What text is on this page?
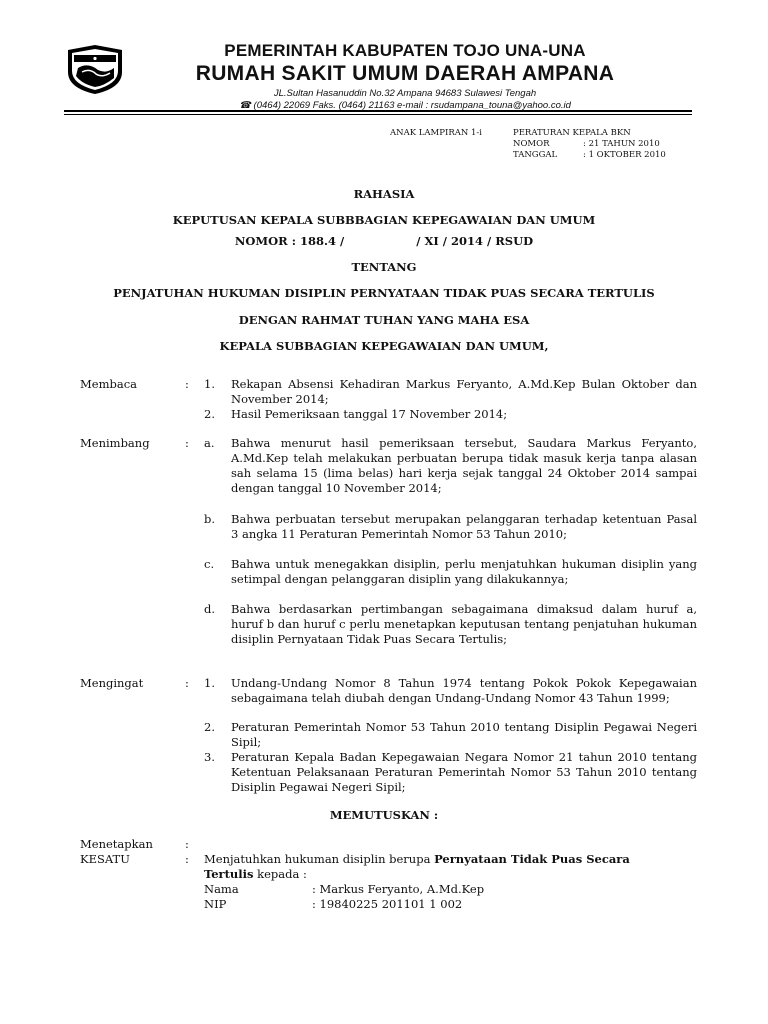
PEMERINTAH KABUPATEN TOJO UNA-UNA
RUMAH SAKIT UMUM DAERAH AMPANA
JL.Sultan Hasanuddin No.32 Ampana 94683 Sulawesi Tengah
☎ (0464) 22069 Faks. (0464) 21163 e-mail : rsudampana_touna@yahoo.co.id
ANAK LAMPIRAN 1-i	PERATURAN KEPALA BKN
NOMOR	: 21 TAHUN 2010
TANGGAL	: 1 OKTOBER 2010
RAHASIA
KEPUTUSAN KEPALA SUBBBAGIAN KEPEGAWAIAN DAN UMUM
NOMOR : 188.4 /                  / XI / 2014 / RSUD
TENTANG
PENJATUHAN HUKUMAN DISIPLIN PERNYATAAN TIDAK PUAS SECARA TERTULIS
DENGAN RAHMAT TUHAN YANG MAHA ESA
KEPALA SUBBAGIAN KEPEGAWAIAN DAN UMUM,
Membaca	: 1. Rekapan Absensi Kehadiran Markus Feryanto, A.Md.Kep Bulan Oktober dan November 2014;
2. Hasil Pemeriksaan tanggal 17 November 2014;
Menimbang	: a. Bahwa menurut hasil pemeriksaan tersebut, Saudara Markus Feryanto, A.Md.Kep telah melakukan perbuatan berupa tidak masuk kerja tanpa alasan sah selama 15 (lima belas) hari kerja sejak tanggal 24 Oktober 2014 sampai dengan tanggal 10 November 2014;
b. Bahwa perbuatan tersebut merupakan pelanggaran terhadap ketentuan Pasal 3 angka 11 Peraturan Pemerintah Nomor 53 Tahun 2010;
c. Bahwa untuk menegakkan disiplin, perlu menjatuhkan hukuman disiplin yang setimpal dengan pelanggaran disiplin yang dilakukannya;
d. Bahwa berdasarkan pertimbangan sebagaimana dimaksud dalam huruf a, huruf b dan huruf c perlu menetapkan keputusan tentang penjatuhan hukuman disiplin Pernyataan Tidak Puas Secara Tertulis;
Mengingat	: 1. Undang-Undang Nomor 8 Tahun 1974 tentang Pokok Pokok Kepegawaian sebagaimana telah diubah dengan Undang-Undang Nomor 43 Tahun 1999;
2. Peraturan Pemerintah Nomor 53 Tahun 2010 tentang Disiplin Pegawai Negeri Sipil;
3. Peraturan Kepala Badan Kepegawaian Negara Nomor 21 tahun 2010 tentang Ketentuan Pelaksanaan Peraturan Pemerintah Nomor 53 Tahun 2010 tentang Disiplin Pegawai Negeri Sipil;
MEMUTUSKAN :
Menetapkan	:
KESATU	: Menjatuhkan hukuman disiplin berupa Pernyataan Tidak Puas Secara
Tertulis kepada :
Nama	: Markus Feryanto, A.Md.Kep
NIP	: 19840225 201101 1 002
